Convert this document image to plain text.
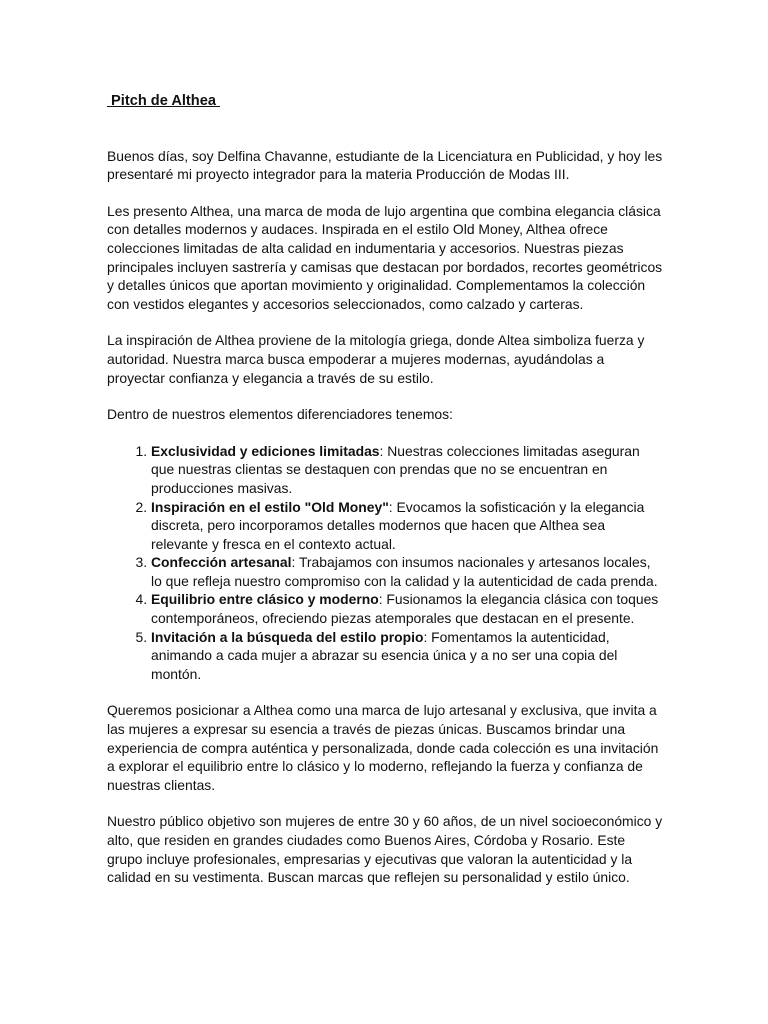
Pitch de Althea

Buenos días, soy Delfina Chavanne, estudiante de la Licenciatura en Publicidad, y hoy les presentaré mi proyecto integrador para la materia Producción de Modas III.

Les presento Althea, una marca de moda de lujo argentina que combina elegancia clásica con detalles modernos y audaces. Inspirada en el estilo Old Money, Althea ofrece colecciones limitadas de alta calidad en indumentaria y accesorios. Nuestras piezas principales incluyen sastrería y camisas que destacan por bordados, recortes geométricos y detalles únicos que aportan movimiento y originalidad. Complementamos la colección con vestidos elegantes y accesorios seleccionados, como calzado y carteras.

La inspiración de Althea proviene de la mitología griega, donde Altea simboliza fuerza y autoridad. Nuestra marca busca empoderar a mujeres modernas, ayudándolas a proyectar confianza y elegancia a través de su estilo.

Dentro de nuestros elementos diferenciadores tenemos:

1. Exclusividad y ediciones limitadas: Nuestras colecciones limitadas aseguran que nuestras clientas se destaquen con prendas que no se encuentran en producciones masivas.
2. Inspiración en el estilo "Old Money": Evocamos la sofisticación y la elegancia discreta, pero incorporamos detalles modernos que hacen que Althea sea relevante y fresca en el contexto actual.
3. Confección artesanal: Trabajamos con insumos nacionales y artesanos locales, lo que refleja nuestro compromiso con la calidad y la autenticidad de cada prenda.
4. Equilibrio entre clásico y moderno: Fusionamos la elegancia clásica con toques contemporáneos, ofreciendo piezas atemporales que destacan en el presente.
5. Invitación a la búsqueda del estilo propio: Fomentamos la autenticidad, animando a cada mujer a abrazar su esencia única y a no ser una copia del montón.

Queremos posicionar a Althea como una marca de lujo artesanal y exclusiva, que invita a las mujeres a expresar su esencia a través de piezas únicas. Buscamos brindar una experiencia de compra auténtica y personalizada, donde cada colección es una invitación a explorar el equilibrio entre lo clásico y lo moderno, reflejando la fuerza y confianza de nuestras clientas.

Nuestro público objetivo son mujeres de entre 30 y 60 años, de un nivel socioeconómico y alto, que residen en grandes ciudades como Buenos Aires, Córdoba y Rosario. Este grupo incluye profesionales, empresarias y ejecutivas que valoran la autenticidad y la calidad en su vestimenta. Buscan marcas que reflejen su personalidad y estilo único.
